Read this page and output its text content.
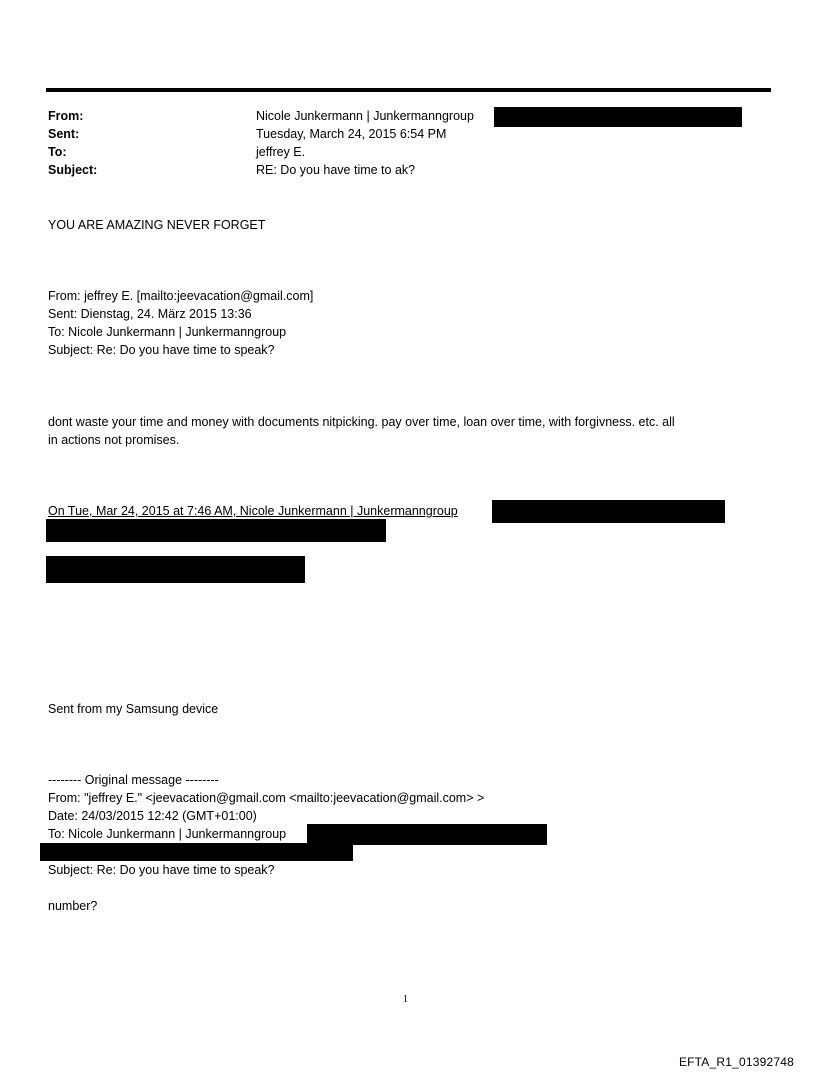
From:	Nicole Junkermann | Junkermanngroup
Sent:	Tuesday, March 24, 2015 6:54 PM
To:	jeffrey E.
Subject:	RE: Do you have time to ak?
YOU ARE AMAZING NEVER FORGET
From: jeffrey E. [mailto:jeevacation@gmail.com]
Sent: Dienstag, 24. März 2015 13:36
To: Nicole Junkermann | Junkermanngroup
Subject: Re: Do you have time to speak?
dont waste your time and money with documents nitpicking. pay over time, loan over time, with forgivness. etc. all
in actions not promises.
On Tue, Mar 24, 2015 at 7:46 AM, Nicole Junkermann | Junkermanngroup
Sent from my Samsung device
-------- Original message --------
From: "jeffrey E." <jeevacation@gmail.com <mailto:jeevacation@gmail.com> >
Date: 24/03/2015 12:42 (GMT+01:00)
To: Nicole Junkermann | Junkermanngroup
Subject: Re: Do you have time to speak?
number?
1
EFTA_R1_01392748
